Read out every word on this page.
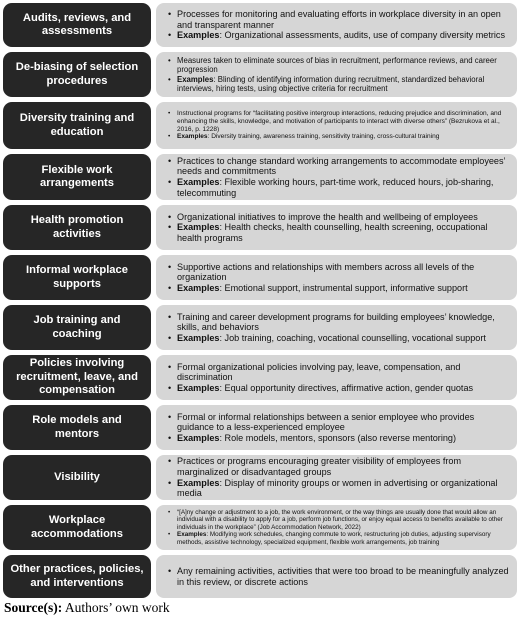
Audits, reviews, and assessments
• Processes for monitoring and evaluating efforts in workplace diversity in an open and transparent manner
• Examples: Organizational assessments, audits, use of company diversity metrics
De-biasing of selection procedures
• Measures taken to eliminate sources of bias in recruitment, performance reviews, and career progression
• Examples: Blinding of identifying information during recruitment, standardized behavioral interviews, hiring tests, using objective criteria for recruitment
Diversity training and education
• Instructional programs for “facilitating positive intergroup interactions, reducing prejudice and discrimination, and enhancing the skills, knowledge, and motivation of participants to interact with diverse others” (Bezrukova et al., 2016, p. 1228)
• Examples: Diversity training, awareness training, sensitivity training, cross-cultural training
Flexible work arrangements
• Practices to change standard working arrangements to accommodate employees’ needs and commitments
• Examples: Flexible working hours, part-time work, reduced hours, job-sharing, telecommuting
Health promotion activities
• Organizational initiatives to improve the health and wellbeing of employees
• Examples: Health checks, health counselling, health screening, occupational health programs
Informal workplace supports
• Supportive actions and relationships with members across all levels of the organization
• Examples: Emotional support, instrumental support, informative support
Job training and coaching
• Training and career development programs for building employees’ knowledge, skills, and behaviors
• Examples: Job training, coaching, vocational counselling, vocational support
Policies involving recruitment, leave, and compensation
• Formal organizational policies involving pay, leave, compensation, and discrimination
• Examples: Equal opportunity directives, affirmative action, gender quotas
Role models and mentors
• Formal or informal relationships between a senior employee who provides guidance to a less-experienced employee
• Examples: Role models, mentors, sponsors (also reverse mentoring)
Visibility
• Practices or programs encouraging greater visibility of employees from marginalized or disadvantaged groups
• Examples: Display of minority groups or women in advertising or organizational media
Workplace accommodations
• “[A]ny change or adjustment to a job, the work environment, or the way things are usually done that would allow an individual with a disability to apply for a job, perform job functions, or enjoy equal access to benefits available to other individuals in the workplace” (Job Accommodation Network, 2022)
• Examples: Modifying work schedules, changing commute to work, restructuring job duties, adjusting supervisory methods, assistive technology, specialized equipment, flexible work arrangements, job training
Other practices, policies, and interventions
• Any remaining activities, activities that were too broad to be meaningfully analyzed in this review, or discrete actions
Source(s): Authors’ own work
